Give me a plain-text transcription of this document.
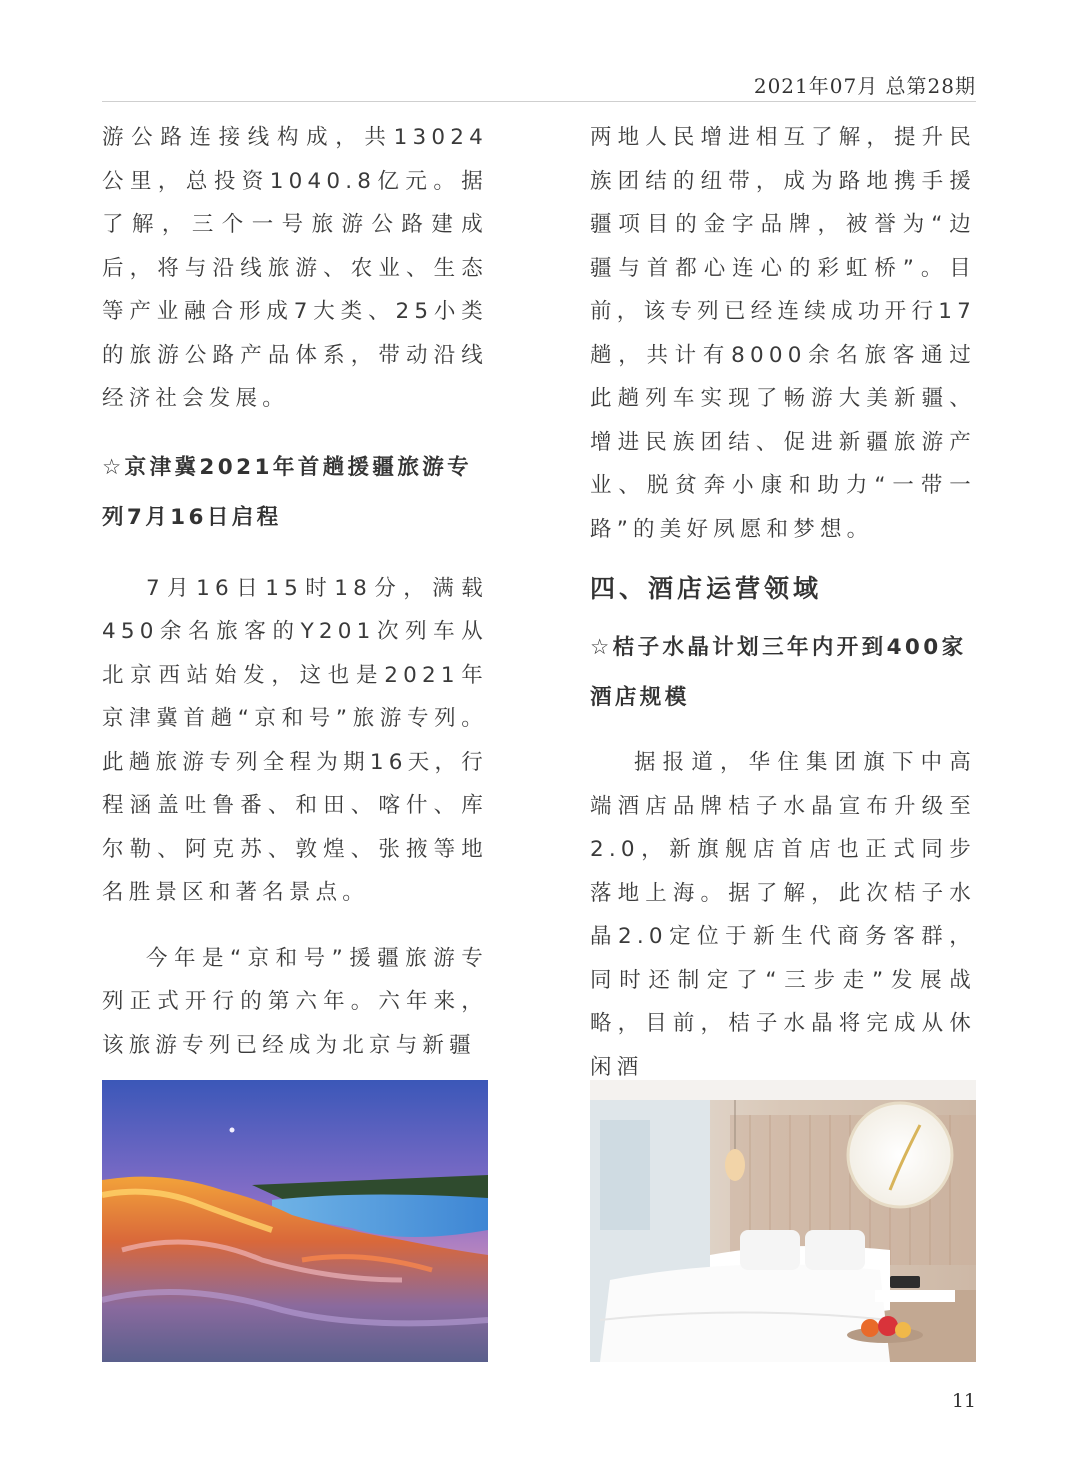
2021年07月 总第28期

游公路连接线构成，共13024公里，总投资1040.8亿元。据了解，三个一号旅游公路建成后，将与沿线旅游、农业、生态等产业融合形成7大类、25小类的旅游公路产品体系，带动沿线经济社会发展。

☆京津冀2021年首趟援疆旅游专列7月16日启程

7月16日15时18分，满载450余名旅客的Y201次列车从北京西站始发，这也是2021年京津冀首趟“京和号”旅游专列。此趟旅游专列全程为期16天，行程涵盖吐鲁番、和田、喀什、库尔勒、阿克苏、敦煌、张掖等地名胜景区和著名景点。

今年是“京和号”援疆旅游专列正式开行的第六年。六年来，该旅游专列已经成为北京与新疆

两地人民增进相互了解，提升民族团结的纽带，成为路地携手援疆项目的金字品牌，被誉为“边疆与首都心连心的彩虹桥”。目前，该专列已经连续成功开行17趟，共计有8000余名旅客通过此趟列车实现了畅游大美新疆、增进民族团结、促进新疆旅游产业、脱贫奔小康和助力“一带一路”的美好夙愿和梦想。

四、酒店运营领域

☆桔子水晶计划三年内开到400家酒店规模

据报道，华住集团旗下中高端酒店品牌桔子水晶宣布升级至2.0，新旗舰店首店也正式同步落地上海。据了解，此次桔子水晶2.0定位于新生代商务客群，同时还制定了“三步走”发展战略，目前，桔子水晶将完成从休闲酒

11
